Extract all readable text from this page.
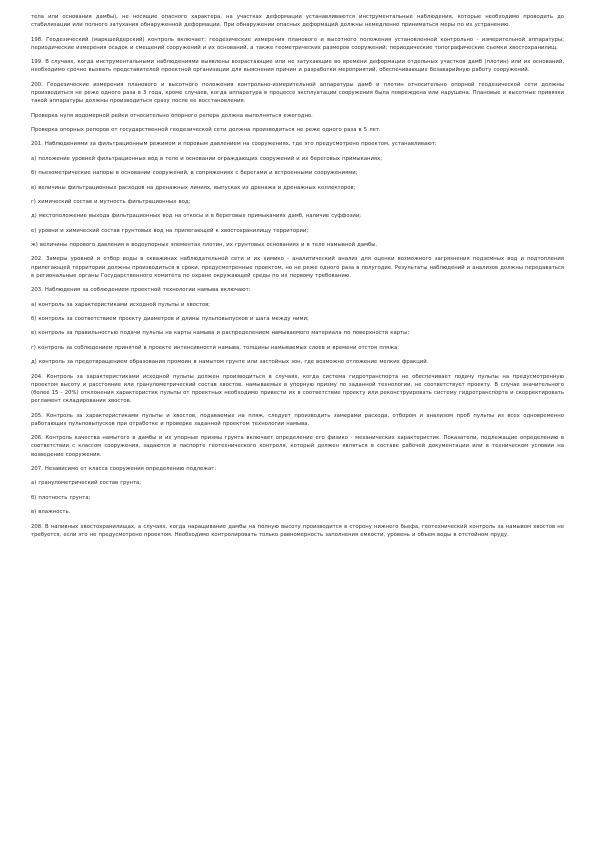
тела или основания дамбы), не носящие опасного характера, на участках деформации устанавливаются инструментальные наблюдения, которые необходимо проводить до стабилизации или полного затухания обнаруженной деформации. При обнаружении опасных деформаций должны немедленно приниматься меры по их устранению.

198. Геодезический (маркшейдерский) контроль включает: геодезические измерения планового и высотного положения установленной контрольно - измерительной аппаратуры; периодические измерения осадок и смещений сооружений и их оснований, а также геометрических размеров сооружений; периодические топографические съемки хвостохранилищ.

199. В случаях, когда инструментальными наблюдениями выявлены возрастающие или не затухающие во времени деформации отдельных участков дамб (плотин) или их оснований, необходимо срочно вызвать представителей проектной организации для выяснения причин и разработки мероприятий, обеспечивающих безаварийную работу сооружений.

200. Геодезические измерения планового и высотного положения контрольно-измерительной аппаратуры дамб и плотин относительно опорной геодезической сети должны производиться не реже одного раза в 3 года, кроме случаев, когда аппаратура в процессе эксплуатации сооружения была повреждена или нарушена. Плановые и высотные привязки такой аппаратуры должны производиться сразу после ее восстановления.

Проверка нуля водомерной рейки относительно опорного репера должна выполняться ежегодно.

Проверка опорных реперов от государственной геодезической сети должна производиться не реже одного раза в 5 лет.

201. Наблюдениями за фильтрационным режимом и поровым давлением на сооружениях, где это предусмотрено проектом, устанавливают:

а) положение уровней фильтрационных вод в теле и основании ограждающих сооружений и их береговых примыканиях;

б) пьезометрические напоры в основании сооружений, в сопряжениях с берегами и встроенными сооружениями;

в) величины фильтрационных расходов на дренажных линиях, выпусках из дренажа и дренажных коллекторов;

г) химический состав и мутность фильтрационных вод;

д) местоположение выхода фильтрационных вод на откосы и в береговых примыканиях дамб, наличие суффозии;

е) уровни и химический состав грунтовых вод на прилегающей к хвостохранилищу территории;

ж) величины порового давления в водоупорных элементах плотин, их грунтовых основаниях и в теле намывной дамбы.

202. Замеры уровней и отбор воды в скважинах наблюдательной сети и их химико - аналитический анализ для оценки возможного загрязнения подземных вод и подтопления прилегающей территории должны производиться в сроки, предусмотренные проектом, но не реже одного раза в полугодие. Результаты наблюдений и анализов должны передаваться в региональные органы Государственного комитета по охране окружающей среды по их первому требованию.

203. Наблюдения за соблюдением проектной технологии намыва включают:

а) контроль за характеристиками исходной пульпы и хвостов;

б) контроль за соответствием проекту диаметров и длины пульповыпусков и шага между ними;

в) контроль за правильностью подачи пульпы на карты намыва и распределением намываемого материала по поверхности карты;

г) контроль за соблюдением принятой в проекте интенсивности намыва, толщины намываемых слоев и времени отстоя пляжа;

д) контроль за предотвращением образования промоин в намытом грунте или застойных зон, где возможно отложение мелких фракций.

204. Контроль за характеристиками исходной пульпы должен производиться в случаях, когда система гидротранспорта не обеспечивает подачу пульпы на предусмотренную проектом высоту и расстояние или гранулометрический состав хвостов, намываемых в упорную призму по заданной технологии, не соответствует проекту. В случае значительного (более 15 - 20%) отклонения характеристик пульпы от проектных необходимо привести их в соответствие проекту или реконструировать систему гидротранспорта и скорректировать регламент складирования хвостов.

205. Контроль за характеристиками пульпы и хвостов, подаваемых на пляж, следует производить замерами расхода, отбором и анализом проб пульпы из всех одновременно работающих пульповыпусков при отработке и проверке заданной проектом технологии намыва.

206. Контроль качества намытого в дамбы и их упорные призмы грунта включает определение его физико - механических характеристик. Показатели, подлежащие определению в соответствии с классом сооружения, задаются в паспорте геотехнического контроля, который должен являться в составе рабочей документации или в техническом условии на возведение сооружения.

207. Независимо от класса сооружения определению подлежат:

а) гранулометрический состав грунта;

б) плотность грунта;

в) влажность.

208. В наливных хвостохранилищах, а случаях, когда наращивание дамбы на полную высоту производится в сторону нижнего бьефа, геотехнический контроль за намывом хвостов не требуется, если это не предусмотрено проектом. Необходимо контролировать только равномерность заполнения емкости, уровень и объем воды в отстойном пруду.
